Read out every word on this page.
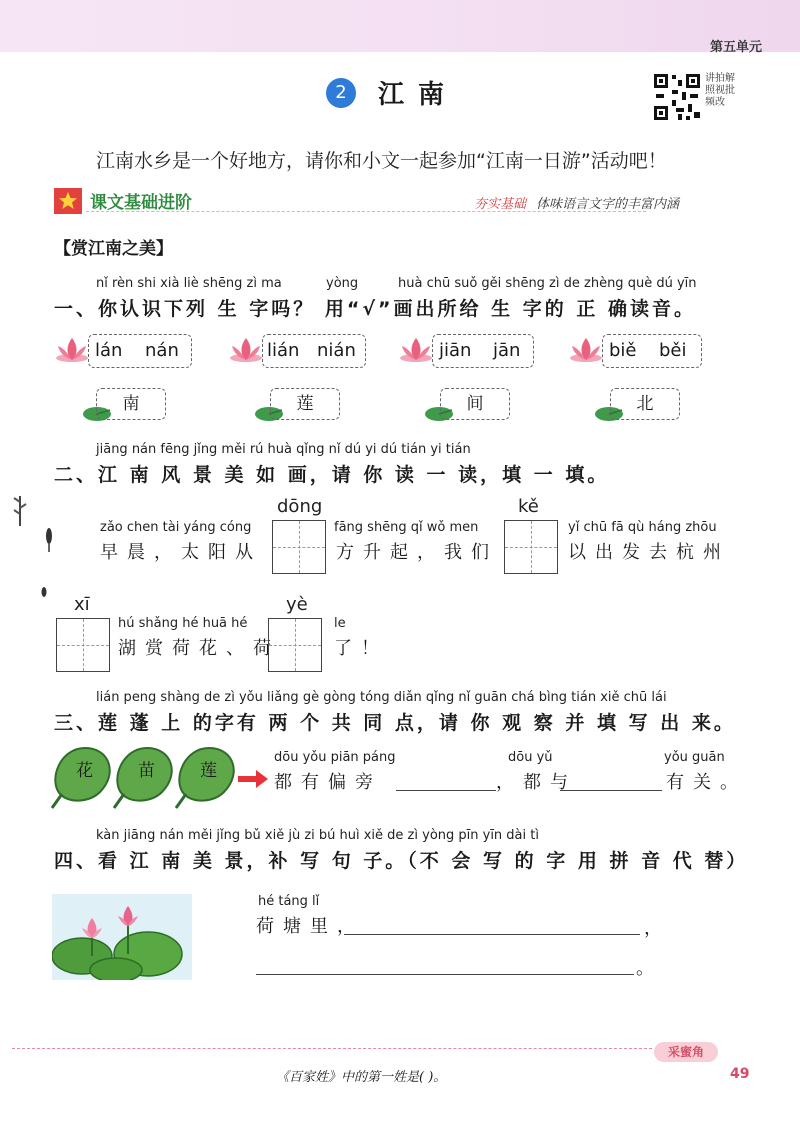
第五单元
2	江南
讲拍解照视批频改
江南水乡是一个好地方，请你和小文一起参加“江南一日游”活动吧！
课文基础进阶	夯实基础 体味语言文字的丰富内涵
【赏江南之美】
nǐ rèn shi xià liè shēng zì ma	yòng	huà chū suǒ gěi shēng zì de zhèng què dú yīn
一、你认识下列 生 字吗？ 用“√”画出所给 生 字的 正 确读音。
lán nán	lián nián	jiān jān	biě běi
南	莲	间	北
jiāng nán fēng jǐng měi rú huà qǐng nǐ dú yi dú tián yi tián
二、江 南 风 景 美 如 画，请 你 读 一 读，填 一 填。
zǎo chen tài yáng cóng
早晨，太阳从
dōng
fāng shēng qǐ wǒ men
方升起，我们
kě
yǐ chū fā qù háng zhōu
以出发去杭州
xī
hú shǎng hé huā hé
湖赏荷花、荷
yè
le
了！
lián peng shàng de zì yǒu liǎng gè gòng tóng diǎn qǐng nǐ guān chá bìng tián xiě chū lái
三、莲 蓬 上 的字有 两 个 共 同 点，请 你 观 察 并 填 写 出 来。
花	苗	莲
dōu yǒu piān páng
都有偏旁
dōu yǔ
，都与
yǒu guān
有关。
kàn jiāng nán měi jǐng bǔ xiě jù zi bú huì xiě de zì yòng pīn yīn dài tì
四、看 江 南 美 景，补 写 句 子。（不 会 写 的 字 用 拼 音 代 替）
hé táng lǐ
荷塘里，	，
。
采蜜角
《百家姓》中的第一姓是( )。	49
